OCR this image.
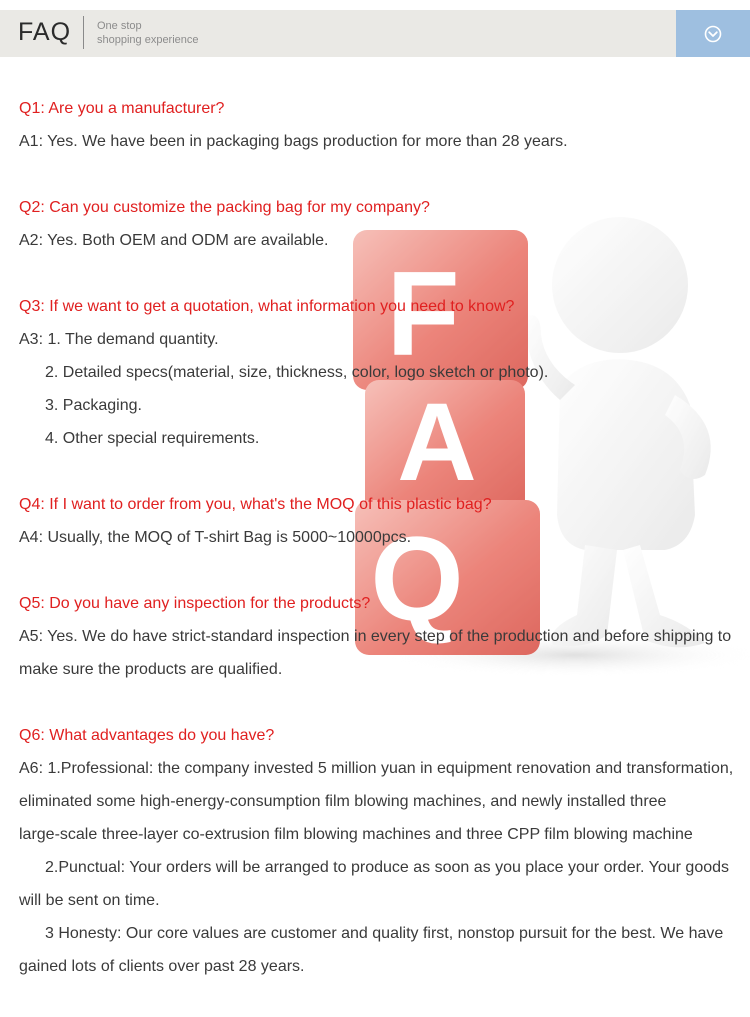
FAQ One stop
shopping experience
F
A
Q
Q1: Are you a manufacturer?
A1: Yes. We have been in packaging bags production for more than 28 years.
Q2: Can you customize the packing bag for my company?
A2: Yes. Both OEM and ODM are available.
Q3: If we want to get a quotation, what information you need to know?
A3: 1. The demand quantity.
2. Detailed specs(material, size, thickness, color, logo sketch or photo).
3. Packaging.
4. Other special requirements.
Q4: If I want to order from you, what's the MOQ of this plastic bag?
A4: Usually, the MOQ of T-shirt Bag is 5000~10000pcs.
Q5: Do you have any inspection for the products?
A5: Yes. We do have strict-standard inspection in every step of the production and before shipping to
make sure the products are qualified.
Q6: What advantages do you have?
A6: 1.Professional: the company invested 5 million yuan in equipment renovation and transformation,
eliminated some high-energy-consumption film blowing machines, and newly installed three
large-scale three-layer co-extrusion film blowing machines and three CPP film blowing machine
2.Punctual: Your orders will be arranged to produce as soon as you place your order. Your goods
will be sent on time.
3 Honesty: Our core values are customer and quality first, nonstop pursuit for the best. We have
gained lots of clients over past 28 years.
